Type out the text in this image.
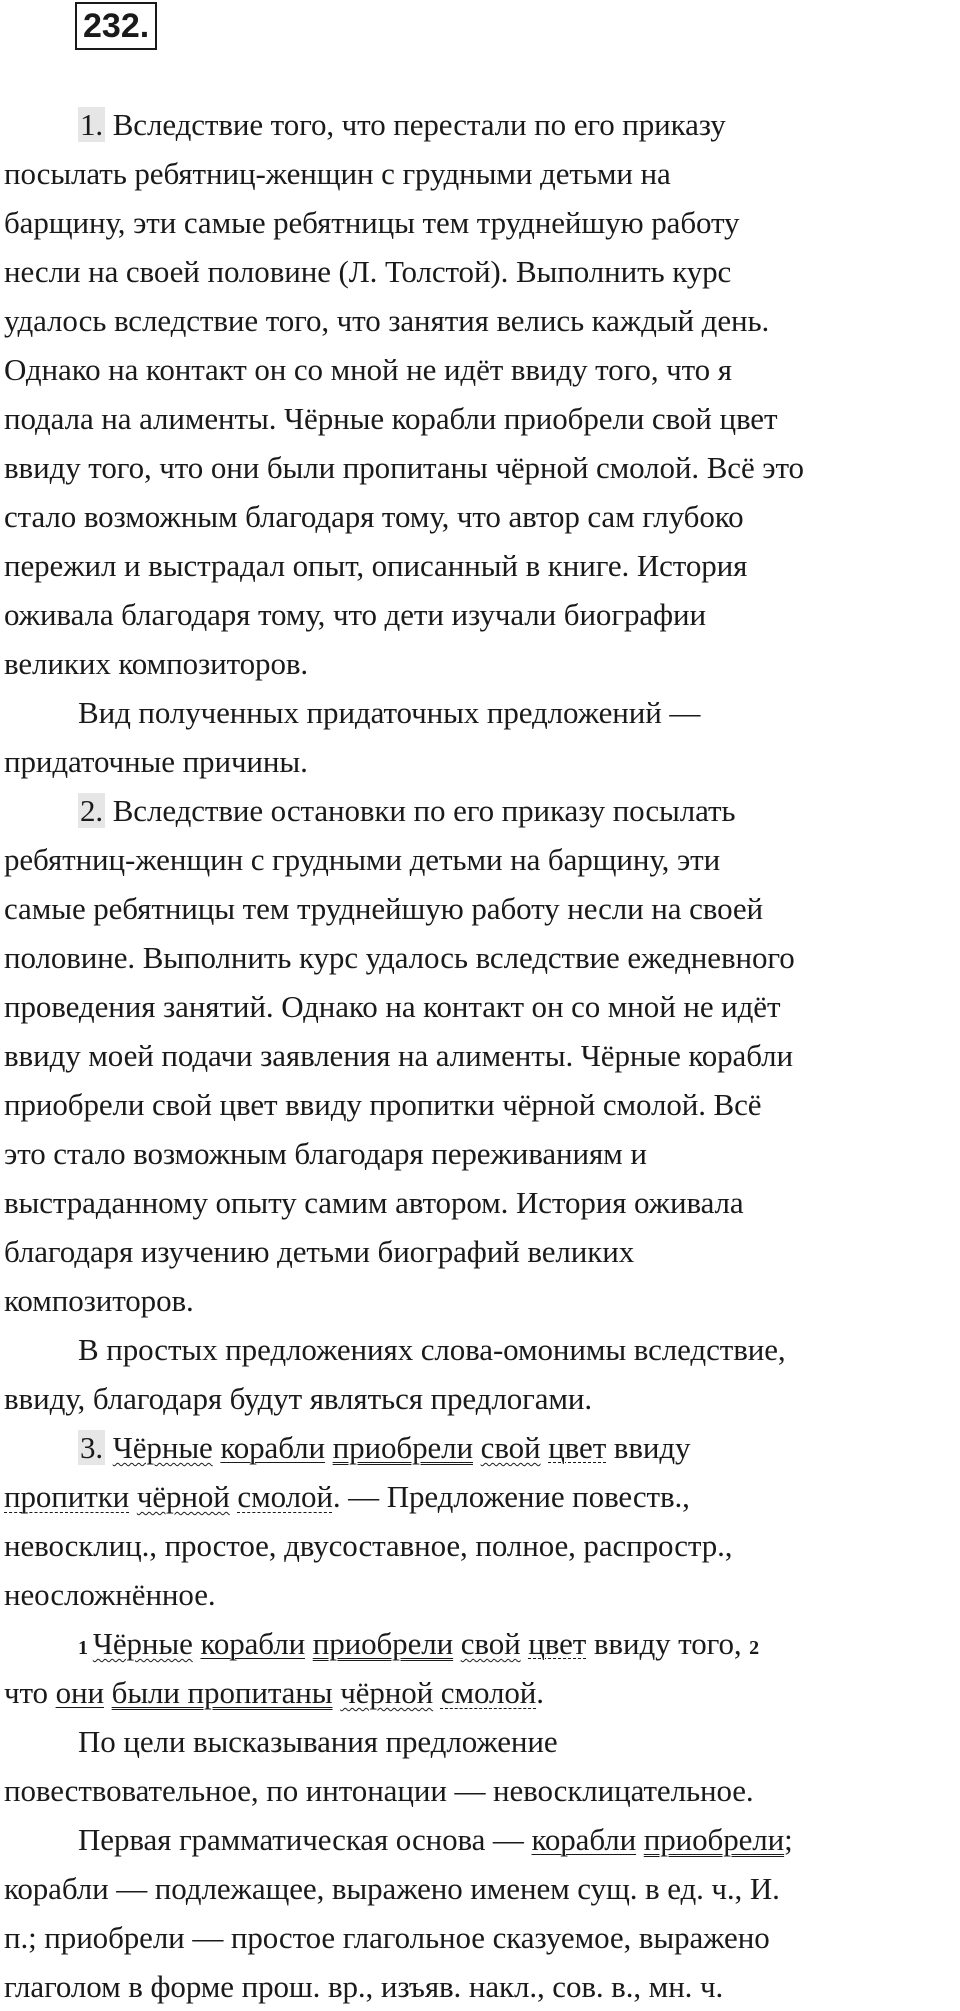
232.
1. Вследствие того, что перестали по его приказу
посылать ребятниц-женщин с грудными детьми на
барщину, эти самые ребятницы тем труднейшую работу
несли на своей половине (Л. Толстой). Выполнить курс
удалось вследствие того, что занятия велись каждый день.
Однако на контакт он со мной не идёт ввиду того, что я
подала на алименты. Чёрные корабли приобрели свой цвет
ввиду того, что они были пропитаны чёрной смолой. Всё это
стало возможным благодаря тому, что автор сам глубоко
пережил и выстрадал опыт, описанный в книге. История
оживала благодаря тому, что дети изучали биографии
великих композиторов.
Вид полученных придаточных предложений —
придаточные причины.
2. Вследствие остановки по его приказу посылать
ребятниц-женщин с грудными детьми на барщину, эти
самые ребятницы тем труднейшую работу несли на своей
половине. Выполнить курс удалось вследствие ежедневного
проведения занятий. Однако на контакт он со мной не идёт
ввиду моей подачи заявления на алименты. Чёрные корабли
приобрели свой цвет ввиду пропитки чёрной смолой. Всё
это стало возможным благодаря переживаниям и
выстраданному опыту самим автором. История оживала
благодаря изучению детьми биографий великих
композиторов.
В простых предложениях слова-омонимы вследствие,
ввиду, благодаря будут являться предлогами.
3. Чёрные корабли приобрели свой цвет ввиду
пропитки чёрной смолой. — Предложение повеств.,
невосклиц., простое, двусоставное, полное, распростр.,
неосложнённое.
1 Чёрные корабли приобрели свой цвет ввиду того, 2
что они были пропитаны чёрной смолой.
По цели высказывания предложение
повествовательное, по интонации — невосклицательное.
Первая грамматическая основа — корабли приобрели;
корабли — подлежащее, выражено именем сущ. в ед. ч., И.
п.; приобрели — простое глагольное сказуемое, выражено
глаголом в форме прош. вр., изъяв. накл., сов. в., мн. ч.
